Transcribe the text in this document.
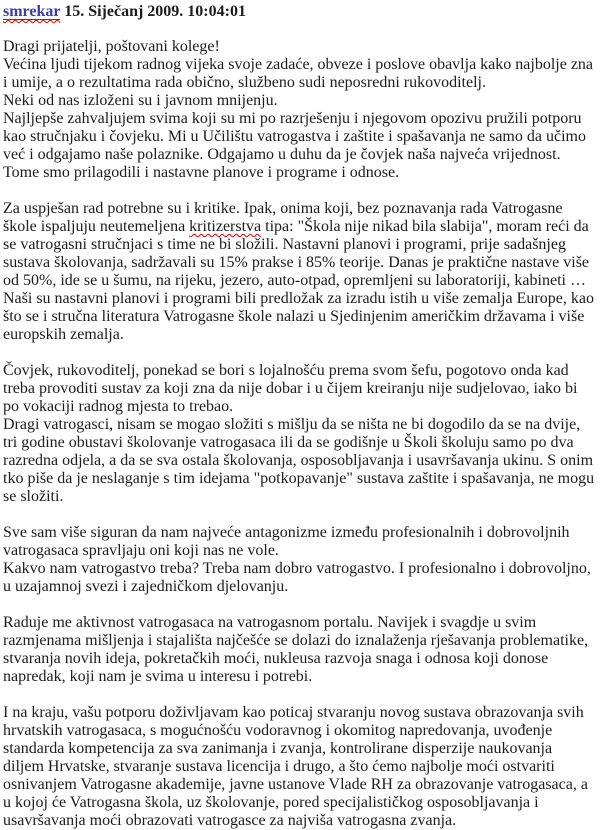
smrekar 15. Siječanj 2009. 10:04:01

Dragi prijatelji, poštovani kolege!
Većina ljudi tijekom radnog vijeka svoje zadaće, obveze i poslove obavlja kako najbolje zna i umije, a o rezultatima rada obično, službeno sudi neposredni rukovoditelj.
Neki od nas izloženi su i javnom mnijenju.
Najljepše zahvaljujem svima koji su mi po razrješenju i njegovom opozivu pružili potporu kao stručnjaku i čovjeku. Mi u Učilištu vatrogastva i zaštite i spašavanja ne samo da učimo već i odgajamo naše polaznike. Odgajamo u duhu da je čovjek naša najveća vrijednost. Tome smo prilagodili i nastavne planove i programe i odnose.

Za uspješan rad potrebne su i kritike. Ipak, onima koji, bez poznavanja rada Vatrogasne škole ispaljuju neutemeljena kritizerstva tipa: "Škola nije nikad bila slabija", moram reći da se vatrogasni stručnjaci s time ne bi složili. Nastavni planovi i programi, prije sadašnjeg sustava školovanja, sadržavali su 15% prakse i 85% teorije. Danas je praktične nastave više od 50%, ide se u šumu, na rijeku, jezero, auto-otpad, opremljeni su laboratoriji, kabineti … Naši su nastavni planovi i programi bili predložak za izradu istih u više zemalja Europe, kao što se i stručna literatura Vatrogasne škole nalazi u Sjedinjenim američkim državama i više europskih zemalja.

Čovjek, rukovoditelj, ponekad se bori s lojalnošću prema svom šefu, pogotovo onda kad treba provoditi sustav za koji zna da nije dobar i u čijem kreiranju nije sudjelovao, iako bi po vokaciji radnog mjesta to trebao.
Dragi vatrogasci, nisam se mogao složiti s mišlju da se ništa ne bi dogodilo da se na dvije, tri godine obustavi školovanje vatrogasaca ili da se godišnje u Školi školuju samo po dva razredna odjela, a da se sva ostala školovanja, osposobljavanja i usavršavanja ukinu. S onim tko piše da je neslaganje s tim idejama "potkopavanje" sustava zaštite i spašavanja, ne mogu se složiti.

Sve sam više siguran da nam najveće antagonizme između profesionalnih i dobrovoljnih vatrogasaca spravljaju oni koji nas ne vole.
Kakvo nam vatrogastvo treba? Treba nam dobro vatrogastvo. I profesionalno i dobrovoljno, u uzajamnoj svezi i zajedničkom djelovanju.

Raduje me aktivnost vatrogasaca na vatrogasnom portalu. Navijek i svagdje u svim razmjenama mišljenja i stajališta najčešće se dolazi do iznalaženja rješavanja problematike, stvaranja novih ideja, pokretačkih moći, nukleusa razvoja snaga i odnosa koji donose napredak, koji nam je svima u interesu i potrebi.

I na kraju, vašu potporu doživljavam kao poticaj stvaranju novog sustava obrazovanja svih hrvatskih vatrogasaca, s mogućnošću vodoravnog i okomitog napredovanja, uvođenje standarda kompetencija za sva zanimanja i zvanja, kontrolirane disperzije naukovanja diljem Hrvatske, stvaranje sustava licencija i drugo, a što ćemo najbolje moći ostvariti osnivanjem Vatrogasne akademije, javne ustanove Vlade RH za obrazovanje vatrogasaca, a u kojoj će Vatrogasna škola, uz školovanje, pored specijalističkog osposobljavanja i usavršavanja moći obrazovati vatrogasce za najviša vatrogasna zvanja.
